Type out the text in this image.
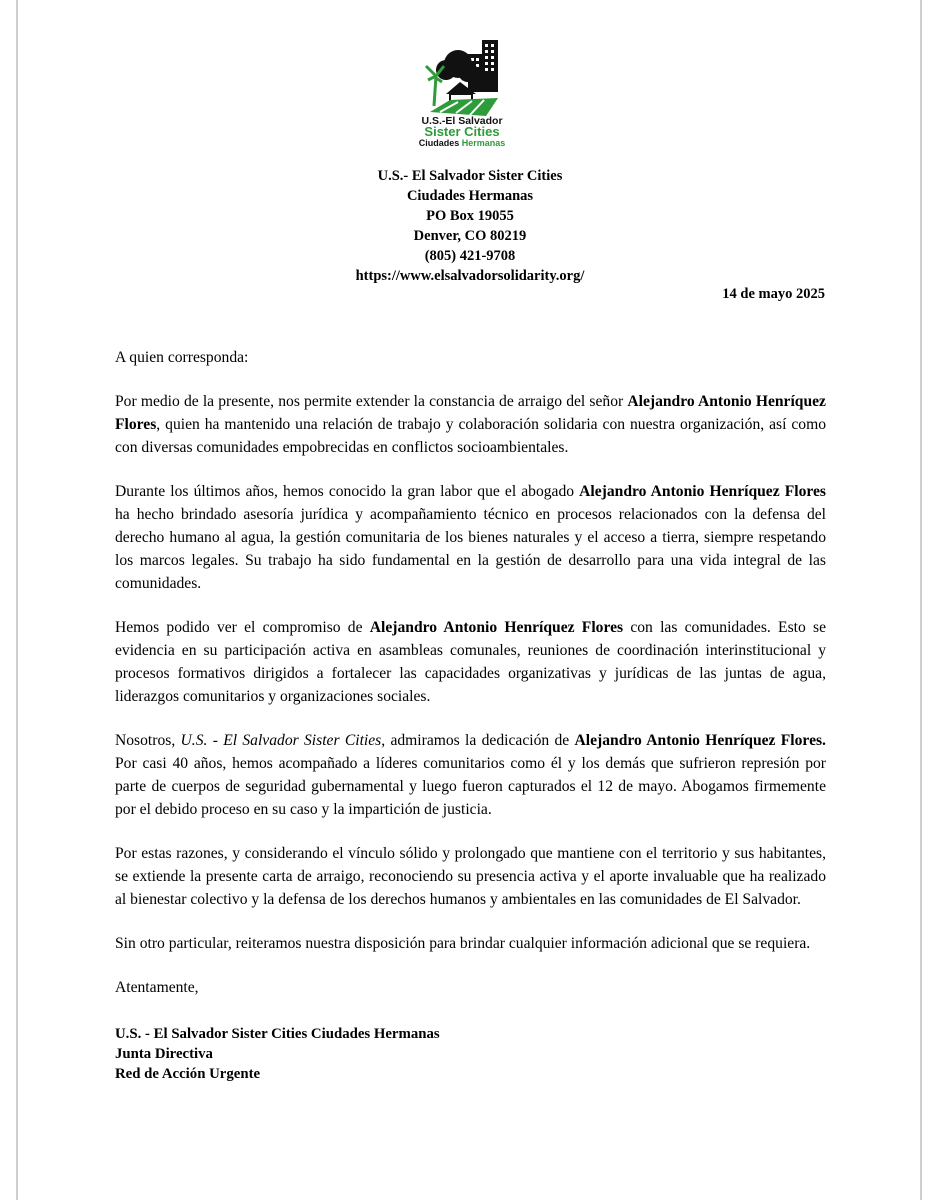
U.S.-El Salvador
Sister Cities
Ciudades Hermanas
U.S.- El Salvador Sister Cities
Ciudades Hermanas
PO Box 19055
Denver, CO 80219
(805) 421-9708
https://www.elsalvadorsolidarity.org/
14 de mayo 2025

A quien corresponda:

Por medio de la presente, nos permite extender la constancia de arraigo del señor Alejandro Antonio Henríquez Flores, quien ha mantenido una relación de trabajo y colaboración solidaria con nuestra organización, así como con diversas comunidades empobrecidas en conflictos socioambientales.

Durante los últimos años, hemos conocido la gran labor que el abogado Alejandro Antonio Henríquez Flores ha hecho brindado asesoría jurídica y acompañamiento técnico en procesos relacionados con la defensa del derecho humano al agua, la gestión comunitaria de los bienes naturales y el acceso a tierra, siempre respetando los marcos legales. Su trabajo ha sido fundamental en la gestión de desarrollo para una vida integral de las comunidades.

Hemos podido ver el compromiso de Alejandro Antonio Henríquez Flores con las comunidades. Esto se evidencia en su participación activa en asambleas comunales, reuniones de coordinación interinstitucional y procesos formativos dirigidos a fortalecer las capacidades organizativas y jurídicas de las juntas de agua, liderazgos comunitarios y organizaciones sociales.

Nosotros, U.S. - El Salvador Sister Cities, admiramos la dedicación de Alejandro Antonio Henríquez Flores. Por casi 40 años, hemos acompañado a líderes comunitarios como él y los demás que sufrieron represión por parte de cuerpos de seguridad gubernamental y luego fueron capturados el 12 de mayo. Abogamos firmemente por el debido proceso en su caso y la impartición de justicia.

Por estas razones, y considerando el vínculo sólido y prolongado que mantiene con el territorio y sus habitantes, se extiende la presente carta de arraigo, reconociendo su presencia activa y el aporte invaluable que ha realizado al bienestar colectivo y la defensa de los derechos humanos y ambientales en las comunidades de El Salvador.

Sin otro particular, reiteramos nuestra disposición para brindar cualquier información adicional que se requiera.

Atentamente,

U.S. - El Salvador Sister Cities Ciudades Hermanas
Junta Directiva
Red de Acción Urgente
